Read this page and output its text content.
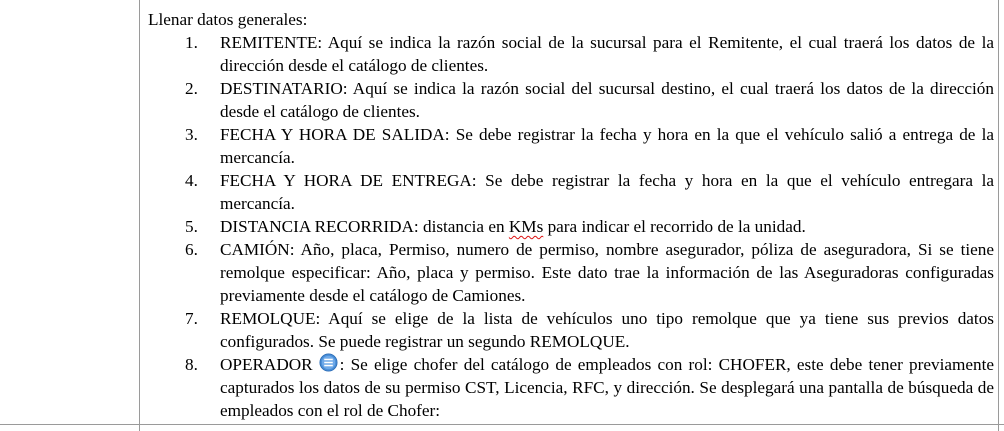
Llenar datos generales:

1. REMITENTE: Aquí se indica la razón social de la sucursal para el Remitente, el cual traerá los datos de la dirección desde el catálogo de clientes.
2. DESTINATARIO: Aquí se indica la razón social del sucursal destino, el cual traerá los datos de la dirección desde el catálogo de clientes.
3. FECHA Y HORA DE SALIDA: Se debe registrar la fecha y hora en la que el vehículo salió a entrega de la mercancía.
4. FECHA Y HORA DE ENTREGA: Se debe registrar la fecha y hora en la que el vehículo entregara la mercancía.
5. DISTANCIA RECORRIDA: distancia en KMs para indicar el recorrido de la unidad.
6. CAMIÓN: Año, placa, Permiso, numero de permiso, nombre asegurador, póliza de aseguradora, Si se tiene remolque especificar: Año, placa y permiso. Este dato trae la información de las Aseguradoras configuradas previamente desde el catálogo de Camiones.
7. REMOLQUE: Aquí se elige de la lista de vehículos uno tipo remolque que ya tiene sus previos datos configurados. Se puede registrar un segundo REMOLQUE.
8. OPERADOR : Se elige chofer del catálogo de empleados con rol: CHOFER, este debe tener previamente capturados los datos de su permiso CST, Licencia, RFC, y dirección. Se desplegará una pantalla de búsqueda de empleados con el rol de Chofer:
